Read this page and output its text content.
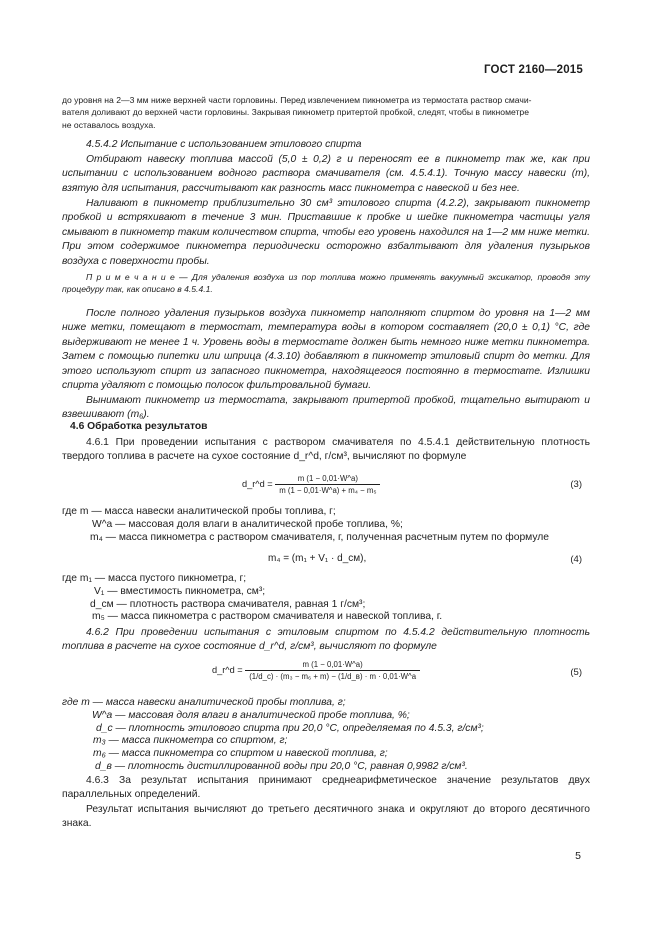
ГОСТ 2160—2015
до уровня на 2—3 мм ниже верхней части горловины. Перед извлечением пикнометра из термостата раствор смачи-
вателя доливают до верхней части горловины. Закрывая пикнометр притертой пробкой, следят, чтобы в пикнометре
не оставалось воздуха.
4.5.4.2 Испытание с использованием этилового спирта

Отбирают навеску топлива массой (5,0 ± 0,2) г и переносят ее в пикнометр так же, как при испытании с использованием водного раствора смачивателя (см. 4.5.4.1). Точную массу навески (m), взятую для испытания, рассчитывают как разность масс пикнометра с навеской и без нее.

Наливают в пикнометр приблизительно 30 см³ этилового спирта (4.2.2), закрывают пикнометр пробкой и встряхивают в течение 3 мин. Приставшие к пробке и шейке пикнометра частицы угля смывают в пикнометр таким количеством спирта, чтобы его уровень находился на 1—2 мм ниже метки. При этом содержимое пикнометра периодически осторожно взбалтывают для удаления пузырьков воздуха с поверхности пробы.

П р и м е ч а н и е — Для удаления воздуха из пор топлива можно применять вакуумный эксикатор, проводя эту процедуру так, как описано в 4.5.4.1.

После полного удаления пузырьков воздуха пикнометр наполняют спиртом до уровня на 1—2 мм ниже метки, помещают в термостат, температура воды в котором составляет (20,0 ± 0,1) °С, где выдерживают не менее 1 ч. Уровень воды в термостате должен быть немного ниже метки пикнометра. Затем с помощью пипетки или шприца (4.3.10) добавляют в пикнометр этиловый спирт до метки. Для этого используют спирт из запасного пикнометра, находящегося постоянно в термостате. Излишки спирта удаляют с помощью полосок фильтровальной бумаги.

Вынимают пикнометр из термостата, закрывают притертой пробкой, тщательно вытирают и взвешивают (m₆).

4.6 Обработка результатов

4.6.1 При проведении испытания с раствором смачивателя по 4.5.4.1 действительную плотность твердого топлива в расчете на сухое состояние d_r^d, г/см³, вычисляют по формуле

d_r^d = $\frac{m (1 - 0,01\cdot W\^{}a)}{\text{m (1 − 0,01·W\textasciicircum{}a) + m₄ − m₅}}$	(3)
где m — масса навески аналитической пробы топлива, г;
W^a — массовая доля влаги в аналитической пробе топлива, %;
m₄ — масса пикнометра с раствором смачивателя, г, полученная расчетным путем по формуле
m₄ = (m₁ + V₁ · d_см),	(4)
где m₁ — масса пустого пикнометра, г;
V₁ — вместимость пикнометра, см³;
d_см — плотность раствора смачивателя, равная 1 г/см³;
m₅ — масса пикнометра с раствором смачивателя и навеской топлива, г.

4.6.2 При проведении испытания с этиловым спиртом по 4.5.4.2 действительную плотность топлива в расчете на сухое состояние d_r^d, г/см³, вычисляют по формуле

d_r^d = $\frac{m (1 - 0,01\cdot W\^{}a)}{\text{(1/d\_c) · (m₃ − m₆ + m) − (1/d\_в) · m · 0,01·W\textasciicircum{}a}}$	(5)
где m — масса навески аналитической пробы топлива, г;
W^a — массовая доля влаги в аналитической пробе топлива, %;
d_c — плотность этилового спирта при 20,0 °С, определяемая по 4.5.3, г/см³;
m₃ — масса пикнометра со спиртом, г;
m₆ — масса пикнометра со спиртом и навеской топлива, г;
d_в — плотность дистиллированной воды при 20,0 °С, равная 0,9982 г/см³.

4.6.3 За результат испытания принимают среднеарифметическое значение результатов двух параллельных определений.

Результат испытания вычисляют до третьего десятичного знака и округляют до второго десятичного знака.

5
